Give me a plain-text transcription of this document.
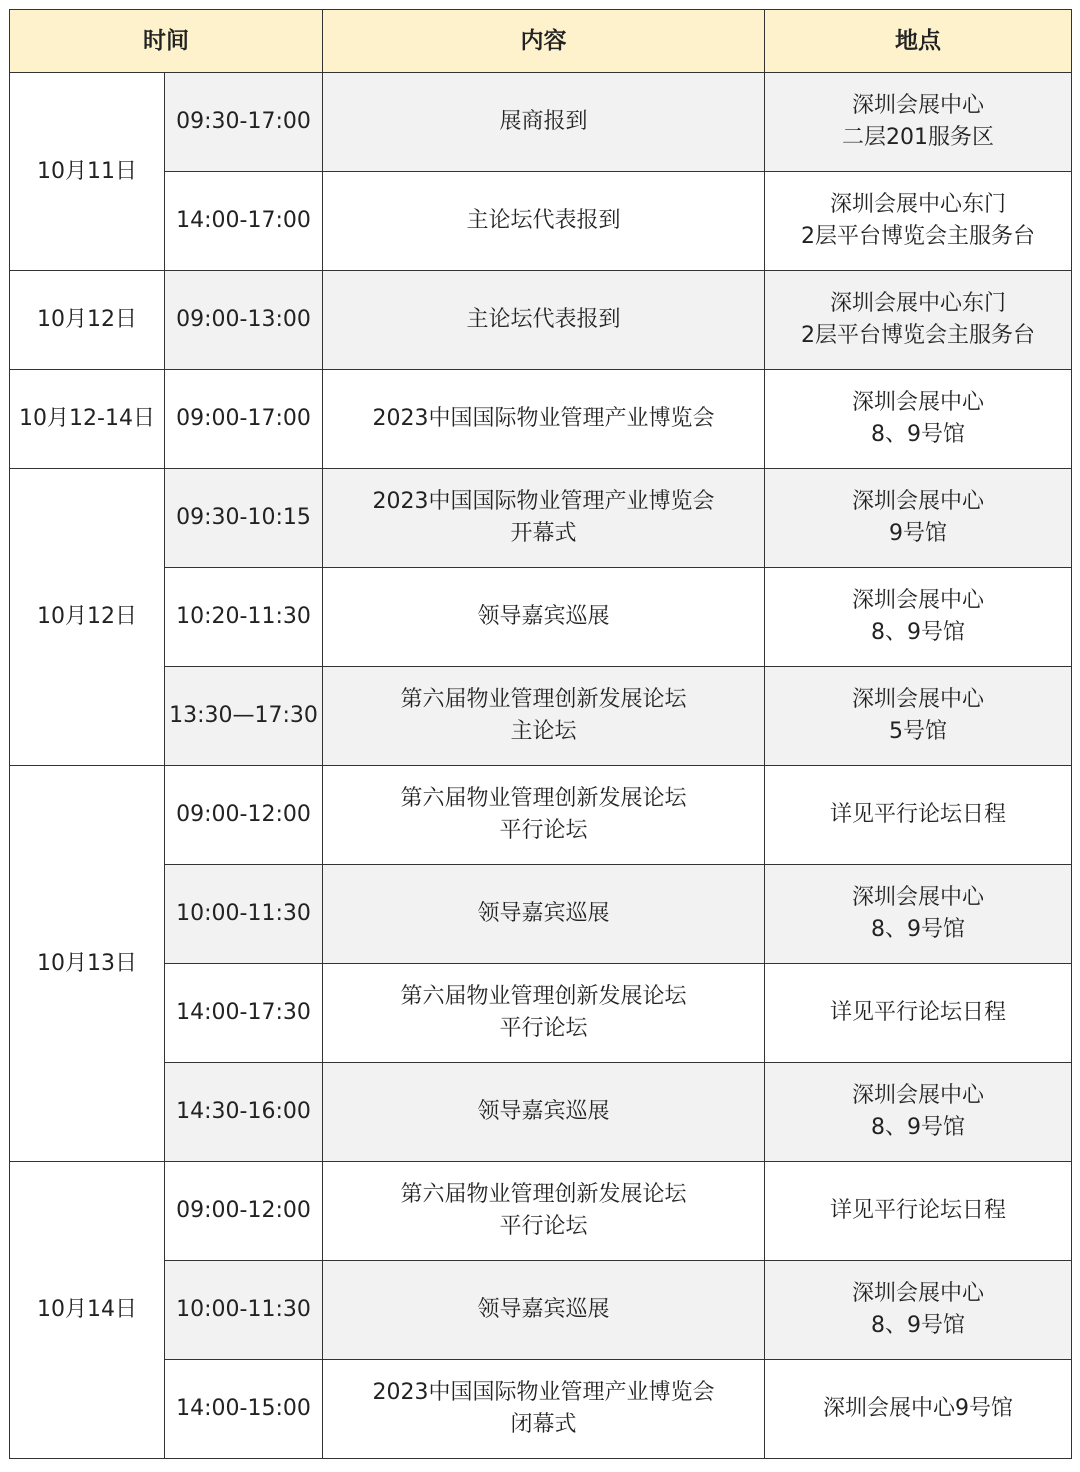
时间		内容	地点
10月11日	09:30-17:00	展商报到	深圳会展中心
二层201服务区

	14:00-17:00	主论坛代表报到	深圳会展中心东门
2层平台博览会主服务台

10月12日	09:00-13:00	主论坛代表报到	深圳会展中心东门
2层平台博览会主服务台

10月12-14日	09:00-17:00	2023中国国际物业管理产业博览会	深圳会展中心
8、9号馆

10月12日	09:30-10:15	2023中国国际物业管理产业博览会
开幕式	深圳会展中心
9号馆

	10:20-11:30	领导嘉宾巡展	深圳会展中心
8、9号馆

	13:30—17:30	第六届物业管理创新发展论坛
主论坛	深圳会展中心
5号馆

10月13日	09:00-12:00	第六届物业管理创新发展论坛
平行论坛	详见平行论坛日程

	10:00-11:30	领导嘉宾巡展	深圳会展中心
8、9号馆

	14:00-17:30	第六届物业管理创新发展论坛
平行论坛	详见平行论坛日程

	14:30-16:00	领导嘉宾巡展	深圳会展中心
8、9号馆

10月14日	09:00-12:00	第六届物业管理创新发展论坛
平行论坛	详见平行论坛日程

	10:00-11:30	领导嘉宾巡展	深圳会展中心
8、9号馆

	14:00-15:00	2023中国国际物业管理产业博览会
闭幕式	深圳会展中心9号馆
